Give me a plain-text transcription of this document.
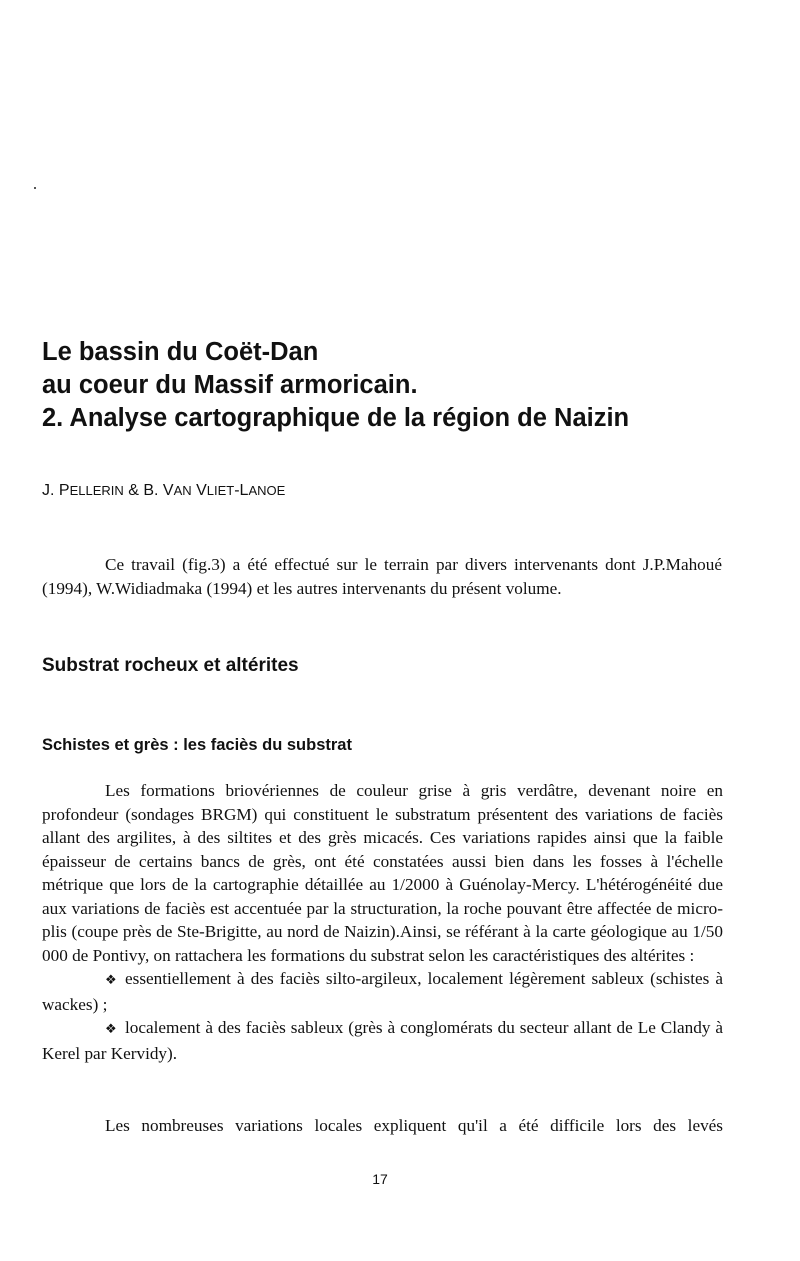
Le bassin du Coët-Dan
au coeur du Massif armoricain.
2. Analyse cartographique de la région de Naizin
J. PELLERIN & B. VAN VLIET-LANOE

Ce travail (fig.3) a été effectué sur le terrain par divers intervenants dont J.P.Mahoué (1994), W.Widiadmaka (1994) et les autres intervenants du présent volume.

Substrat rocheux et altérites
Schistes et grès : les faciès du substrat

Les formations briovériennes de couleur grise à gris verdâtre, devenant noire en profondeur (sondages BRGM) qui constituent le substratum présentent des variations de faciès allant des argilites, à des siltites et des grès micacés. Ces variations rapides ainsi que la faible épaisseur de certains bancs de grès, ont été constatées aussi bien dans les fosses à l'échelle métrique que lors de la cartographie détaillée au 1/2000 à Guénolay-Mercy. L'hétérogénéité due aux variations de faciès est accentuée par la structuration, la roche pouvant être affectée de micro-plis (coupe près de Ste-Brigitte, au nord de Naizin).Ainsi, se référant à la carte géologique au 1/50 000 de Pontivy, on rattachera les formations du substrat selon les caractéristiques des altérites :

❖ essentiellement à des faciès silto-argileux, localement légèrement sableux (schistes à wackes) ;

❖ localement à des faciès sableux (grès à conglomérats du secteur allant de Le Clandy à Kerel par Kervidy).

Les nombreuses variations locales expliquent qu'il a été difficile lors des levés

17
